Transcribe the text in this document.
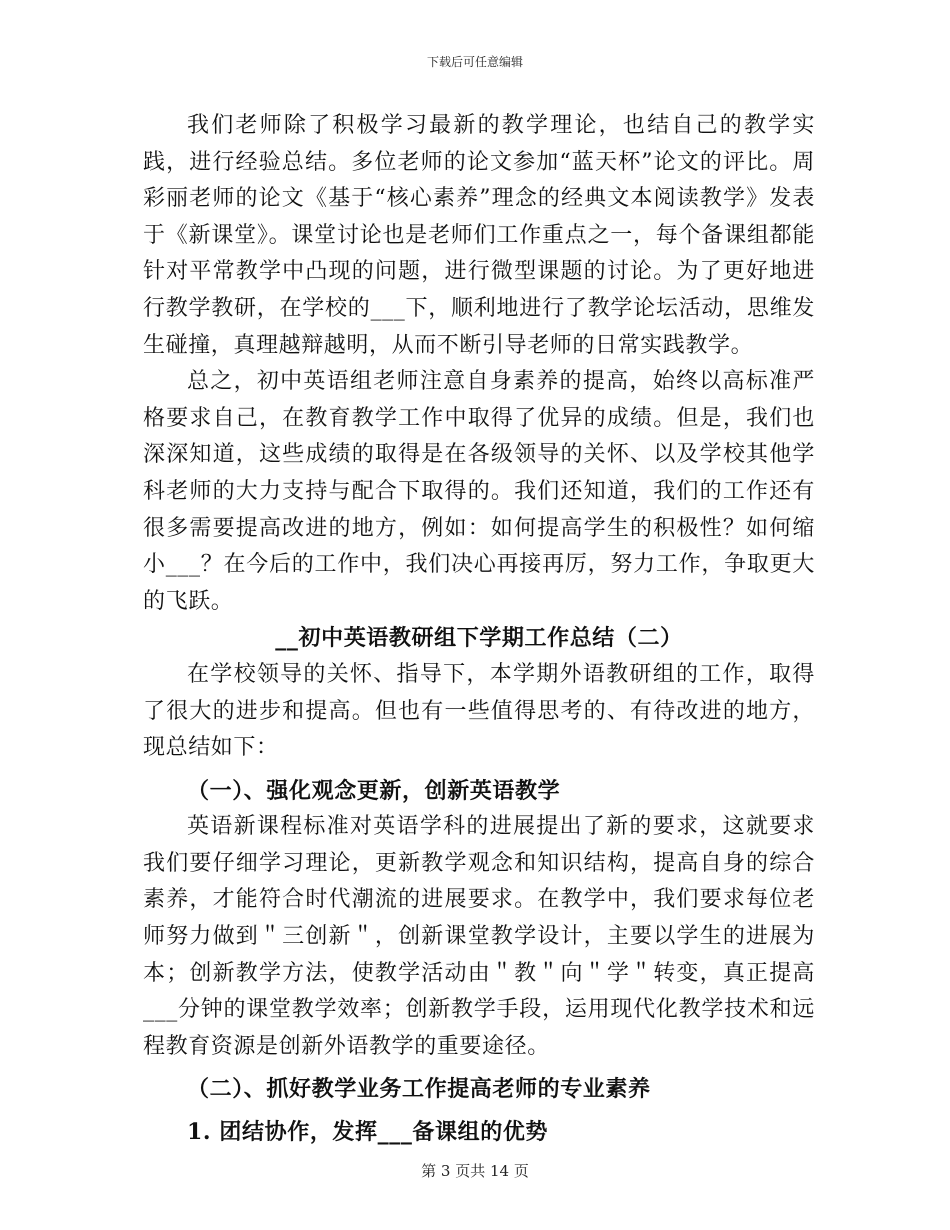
下载后可任意编辑

我们老师除了积极学习最新的教学理论，也结自己的教学实践，进行经验总结。多位老师的论文参加“蓝天杯”论文的评比。周彩丽老师的论文《基于“核心素养”理念的经典文本阅读教学》发表于《新课堂》。课堂讨论也是老师们工作重点之一，每个备课组都能针对平常教学中凸现的问题，进行微型课题的讨论。为了更好地进行教学教研，在学校的___下，顺利地进行了教学论坛活动，思维发生碰撞，真理越辩越明，从而不断引导老师的日常实践教学。

总之，初中英语组老师注意自身素养的提高，始终以高标准严格要求自己，在教育教学工作中取得了优异的成绩。但是，我们也深深知道，这些成绩的取得是在各级领导的关怀、以及学校其他学科老师的大力支持与配合下取得的。我们还知道，我们的工作还有很多需要提高改进的地方，例如：如何提高学生的积极性？如何缩小___？在今后的工作中，我们决心再接再厉，努力工作，争取更大的飞跃。

__初中英语教研组下学期工作总结（二）

在学校领导的关怀、指导下，本学期外语教研组的工作，取得了很大的进步和提高。但也有一些值得思考的、有待改进的地方，现总结如下：

（一）、强化观念更新，创新英语教学

英语新课程标准对英语学科的进展提出了新的要求，这就要求我们要仔细学习理论，更新教学观念和知识结构，提高自身的综合素养，才能符合时代潮流的进展要求。在教学中，我们要求每位老师努力做到＂三创新＂，创新课堂教学设计，主要以学生的进展为本；创新教学方法，使教学活动由＂教＂向＂学＂转变，真正提高___分钟的课堂教学效率；创新教学手段，运用现代化教学技术和远程教育资源是创新外语教学的重要途径。

（二）、抓好教学业务工作提高老师的专业素养

1. 团结协作，发挥___备课组的优势

第 3 页共 14 页
